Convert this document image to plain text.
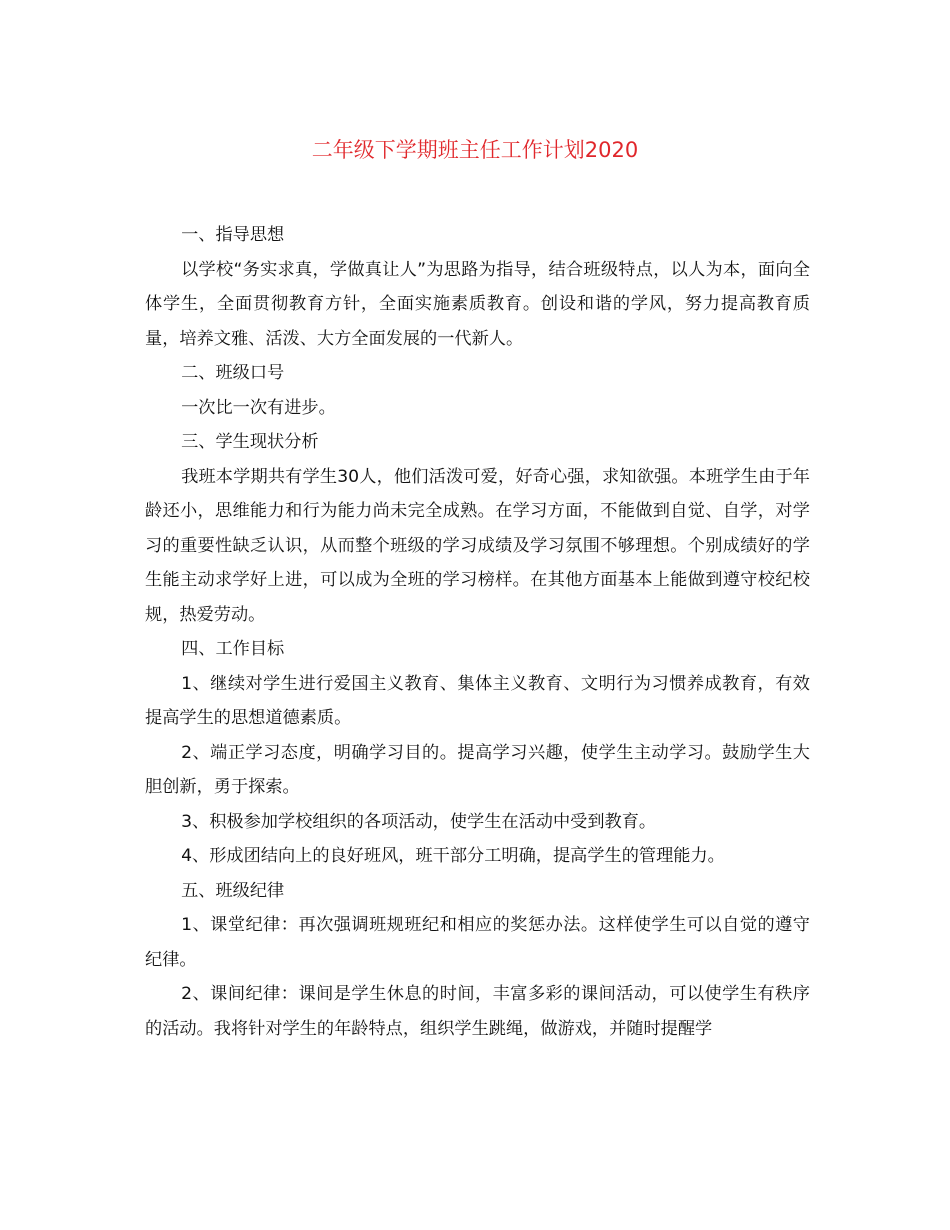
二年级下学期班主任工作计划2020

一、指导思想

以学校“务实求真，学做真让人”为思路为指导，结合班级特点，以人为本，面向全体学生，全面贯彻教育方针，全面实施素质教育。创设和谐的学风，努力提高教育质量，培养文雅、活泼、大方全面发展的一代新人。

二、班级口号

一次比一次有进步。

三、学生现状分析

我班本学期共有学生30人，他们活泼可爱，好奇心强，求知欲强。本班学生由于年龄还小，思维能力和行为能力尚未完全成熟。在学习方面，不能做到自觉、自学，对学习的重要性缺乏认识，从而整个班级的学习成绩及学习氛围不够理想。个别成绩好的学生能主动求学好上进，可以成为全班的学习榜样。在其他方面基本上能做到遵守校纪校规，热爱劳动。

四、工作目标

1、继续对学生进行爱国主义教育、集体主义教育、文明行为习惯养成教育，有效提高学生的思想道德素质。

2、端正学习态度，明确学习目的。提高学习兴趣，使学生主动学习。鼓励学生大胆创新，勇于探索。

3、积极参加学校组织的各项活动，使学生在活动中受到教育。

4、形成团结向上的良好班风，班干部分工明确，提高学生的管理能力。

五、班级纪律

1、课堂纪律：再次强调班规班纪和相应的奖惩办法。这样使学生可以自觉的遵守纪律。

2、课间纪律：课间是学生休息的时间，丰富多彩的课间活动，可以使学生有秩序的活动。我将针对学生的年龄特点，组织学生跳绳，做游戏，并随时提醒学
